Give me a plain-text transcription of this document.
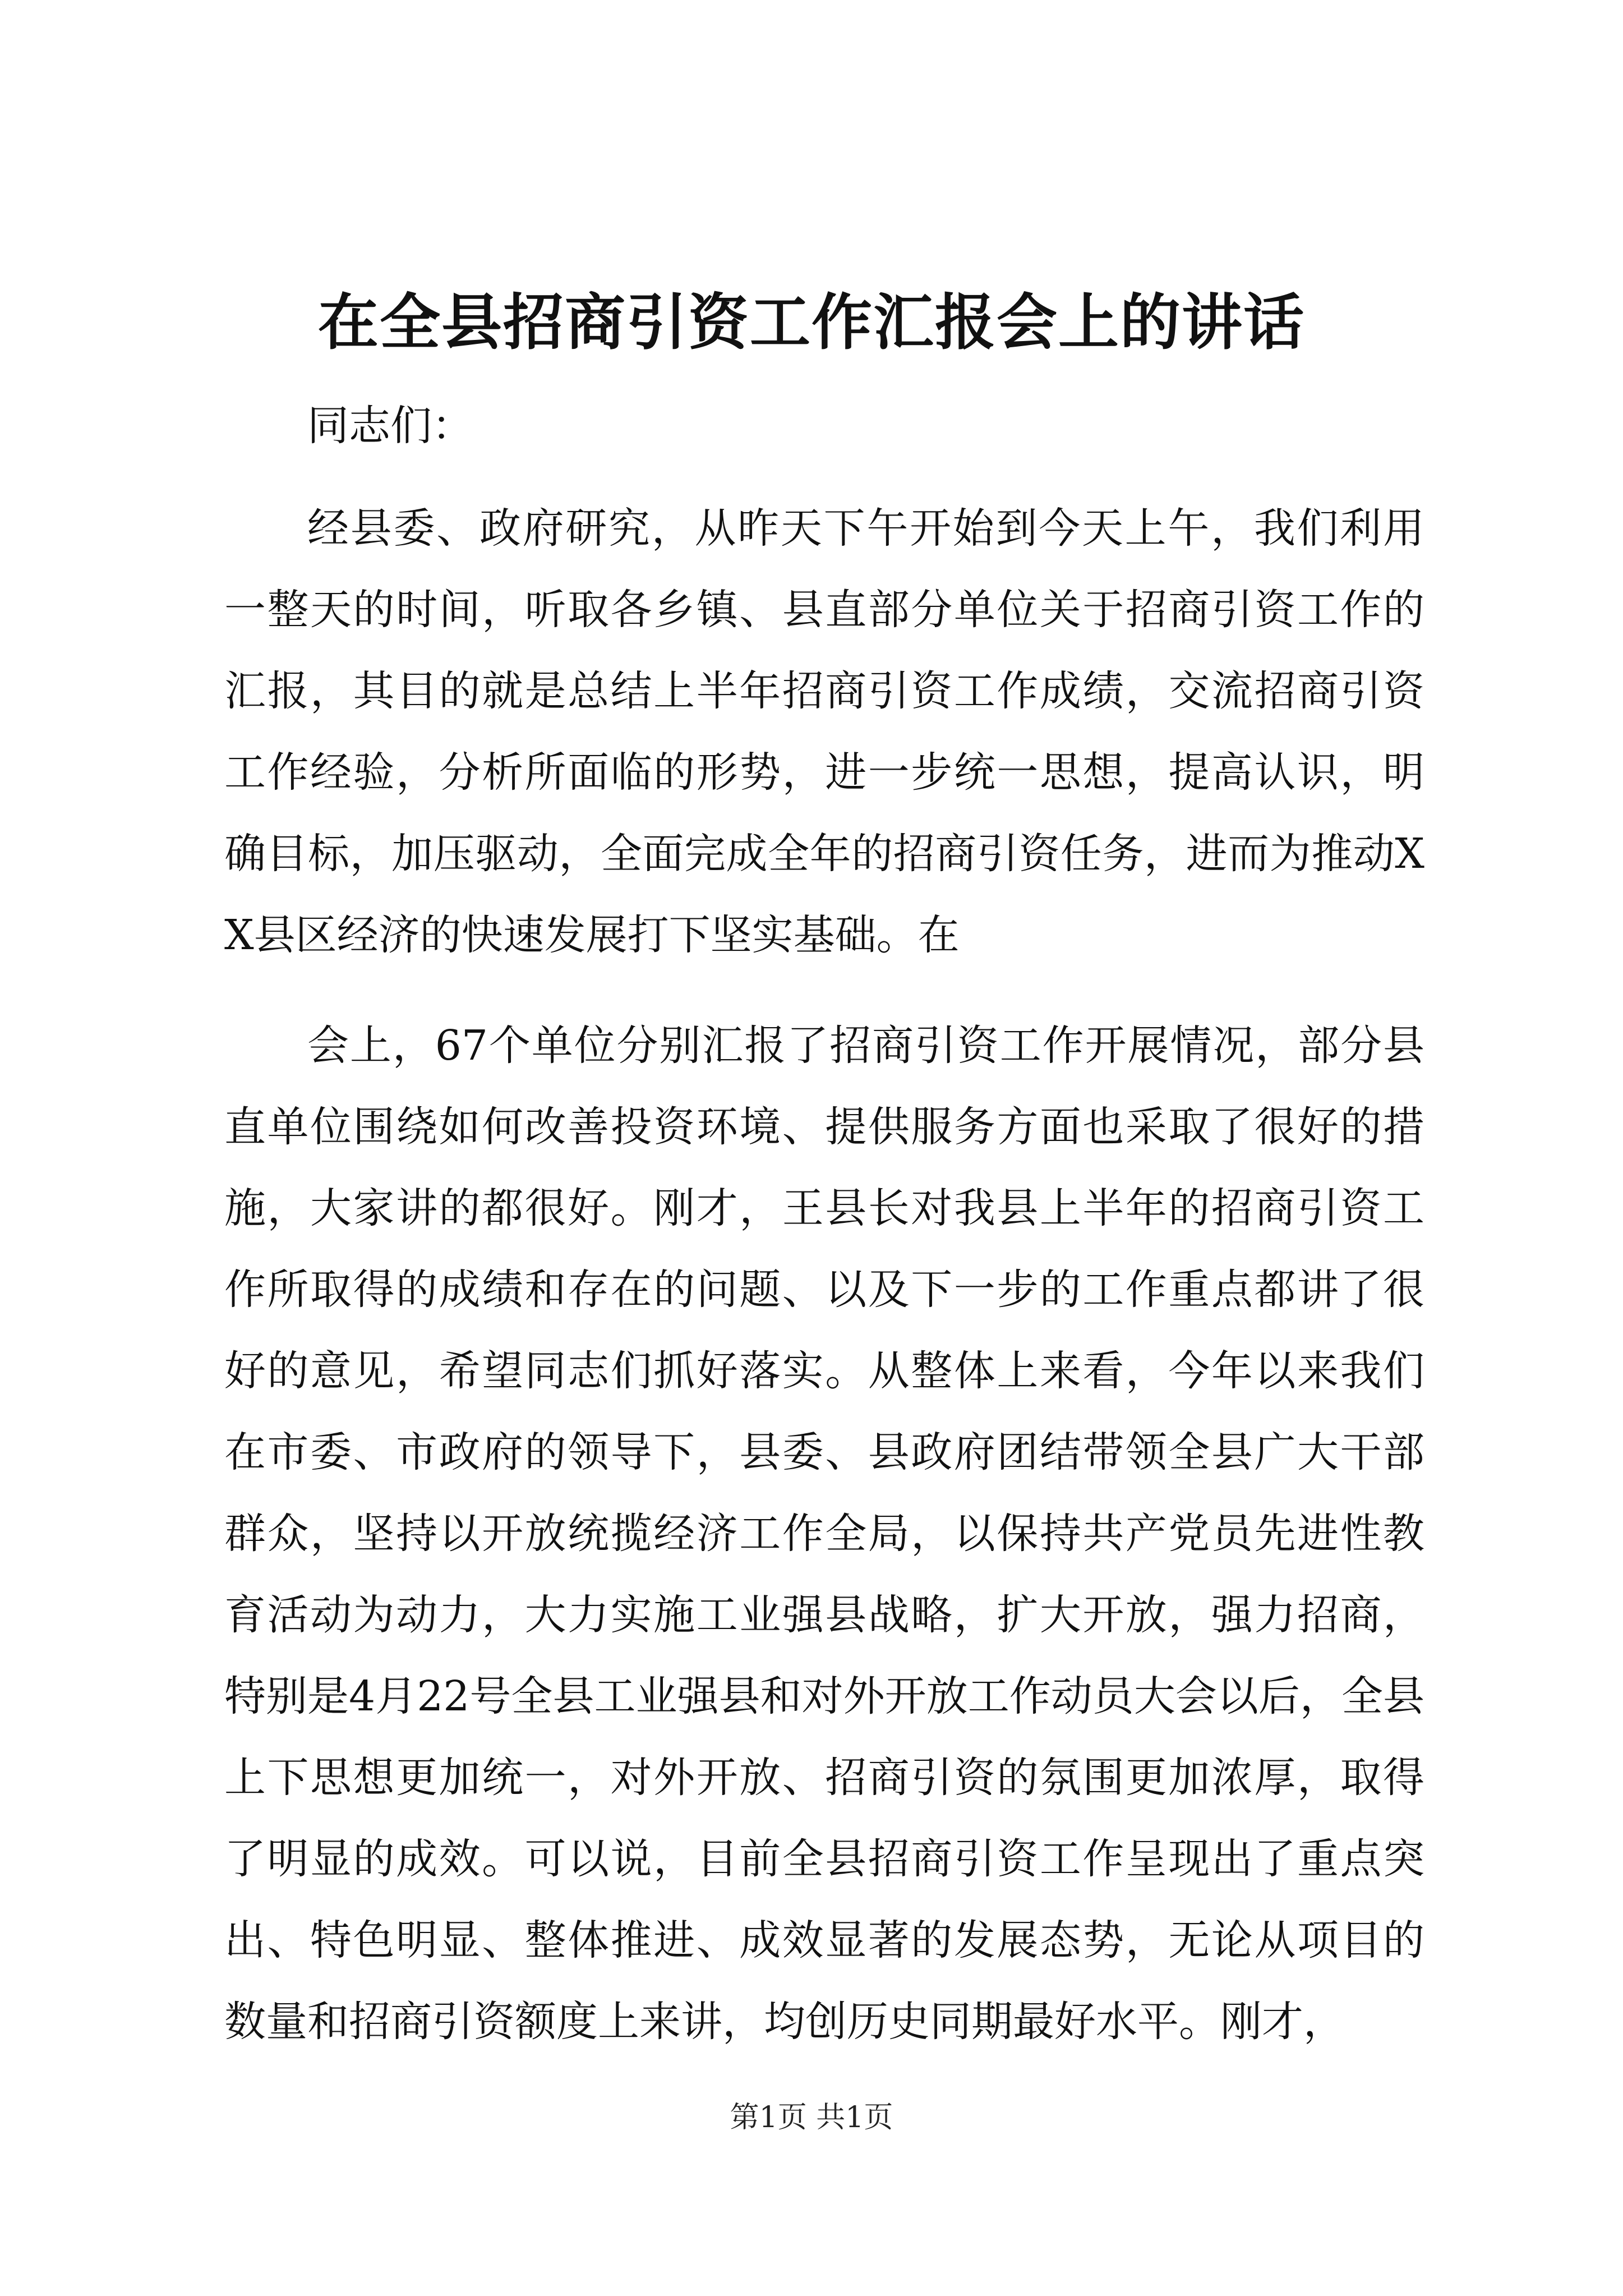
在全县招商引资工作汇报会上的讲话

同志们：

经县委、政府研究，从昨天下午开始到今天上午，我们利用一整天的时间，听取各乡镇、县直部分单位关于招商引资工作的汇报，其目的就是总结上半年招商引资工作成绩，交流招商引资工作经验，分析所面临的形势，进一步统一思想，提高认识，明确目标，加压驱动，全面完成全年的招商引资任务，进而为推动XX县区经济的快速发展打下坚实基础。在

会上，67个单位分别汇报了招商引资工作开展情况，部分县直单位围绕如何改善投资环境、提供服务方面也采取了很好的措施，大家讲的都很好。刚才，王县长对我县上半年的招商引资工作所取得的成绩和存在的问题、以及下一步的工作重点都讲了很好的意见，希望同志们抓好落实。从整体上来看，今年以来我们在市委、市政府的领导下，县委、县政府团结带领全县广大干部群众，坚持以开放统揽经济工作全局，以保持共产党员先进性教育活动为动力，大力实施工业强县战略，扩大开放，强力招商，特别是4月22号全县工业强县和对外开放工作动员大会以后，全县上下思想更加统一，对外开放、招商引资的氛围更加浓厚，取得了明显的成效。可以说，目前全县招商引资工作呈现出了重点突出、特色明显、整体推进、成效显著的发展态势，无论从项目的数量和招商引资额度上来讲，均创历史同期最好水平。刚才，

第1页 共1页
